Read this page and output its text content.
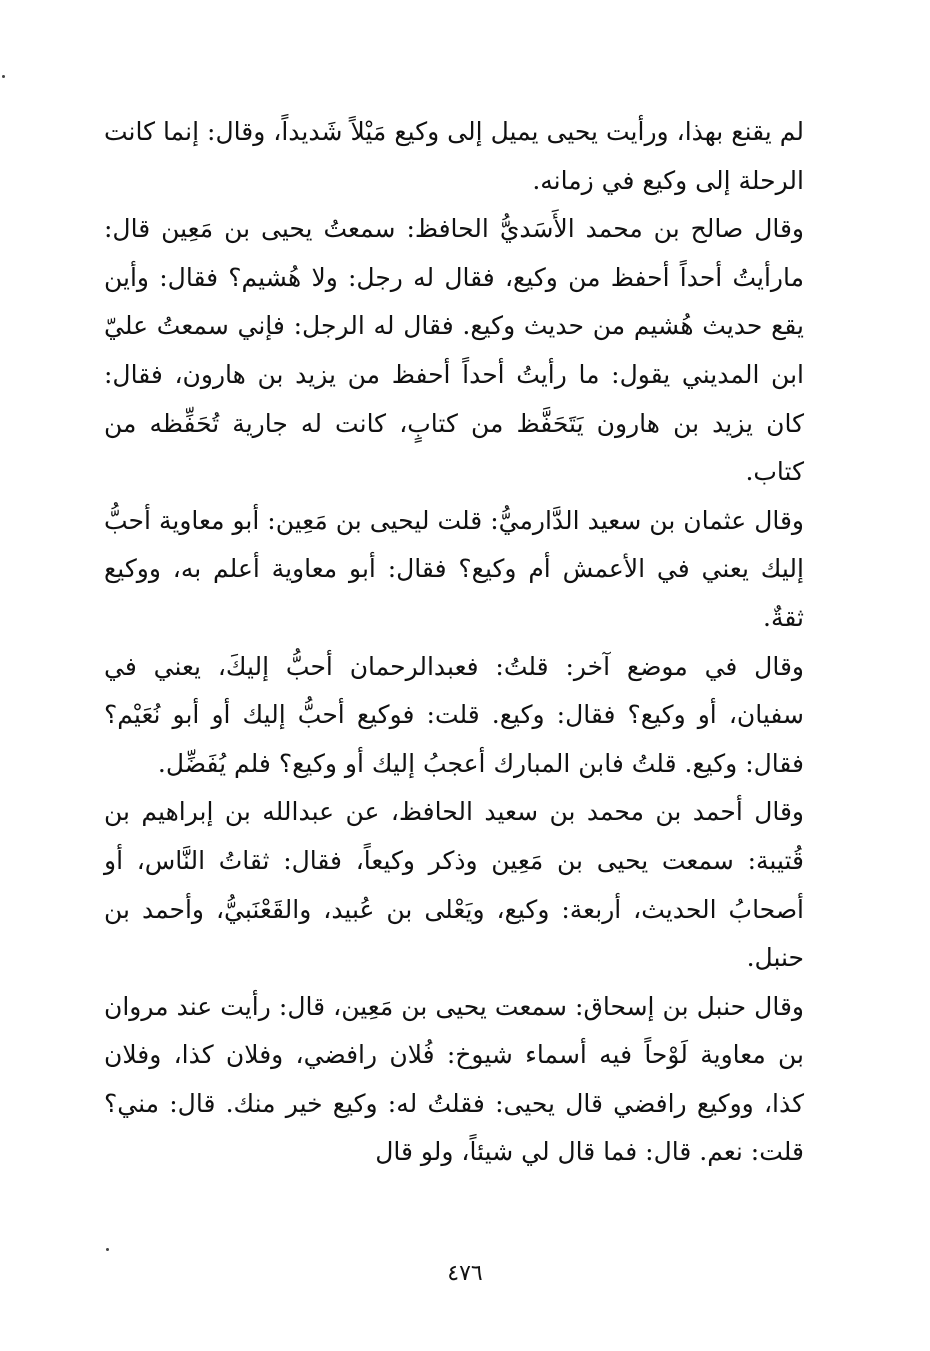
لم يقنع بهذا، ورأيت يحيى يميل إلى وكيع مَيْلاً شَديداً، وقال: إنما كانت الرحلة إلى وكيع في زمانه.

وقال صالح بن محمد الأَسَديُّ الحافظ: سمعتُ يحيى بن مَعِين قال: مارأيتُ أحداً أحفظ من وكيع، فقال له رجل: ولا هُشيم؟ فقال: وأين يقع حديث هُشيم من حديث وكيع. فقال له الرجل: فإني سمعتُ عليّ ابن المديني يقول: ما رأيتُ أحداً أحفظ من يزيد بن هارون، فقال: كان يزيد بن هارون يَتَحَفَّظ من كتابٍ، كانت له جارية تُحَفِّظه من كتاب.

وقال عثمان بن سعيد الدَّارميُّ: قلت ليحيى بن مَعِين: أبو معاوية أحبُّ إليك يعني في الأعمش أم وكيع؟ فقال: أبو معاوية أعلم به، ووكيع ثقةٌ.

وقال في موضع آخر: قلتُ: فعبدالرحمان أحبُّ إليكَ، يعني في سفيان، أو وكيع؟ فقال: وكيع. قلت: فوكيع أحبُّ إليك أو أبو نُعَيْم؟ فقال: وكيع. قلتُ فابن المبارك أعجبُ إليك أو وكيع؟ فلم يُفَضِّل.

وقال أحمد بن محمد بن سعيد الحافظ، عن عبدالله بن إبراهيم بن قُتيبة: سمعت يحيى بن مَعِين وذكر وكيعاً، فقال: ثقاتُ النَّاس، أو أصحابُ الحديث، أربعة: وكيع، ويَعْلى بن عُبيد، والقَعْنَبيُّ، وأحمد بن حنبل.

وقال حنبل بن إسحاق: سمعت يحيى بن مَعِين، قال: رأيت عند مروان بن معاوية لَوْحاً فيه أسماء شيوخ: فُلان رافضي، وفلان كذا، وفلان كذا، ووكيع رافضي قال يحيى: فقلتُ له: وكيع خير منك. قال: مني؟ قلت: نعم. قال: فما قال لي شيئاً، ولو قال

٤٧٦
